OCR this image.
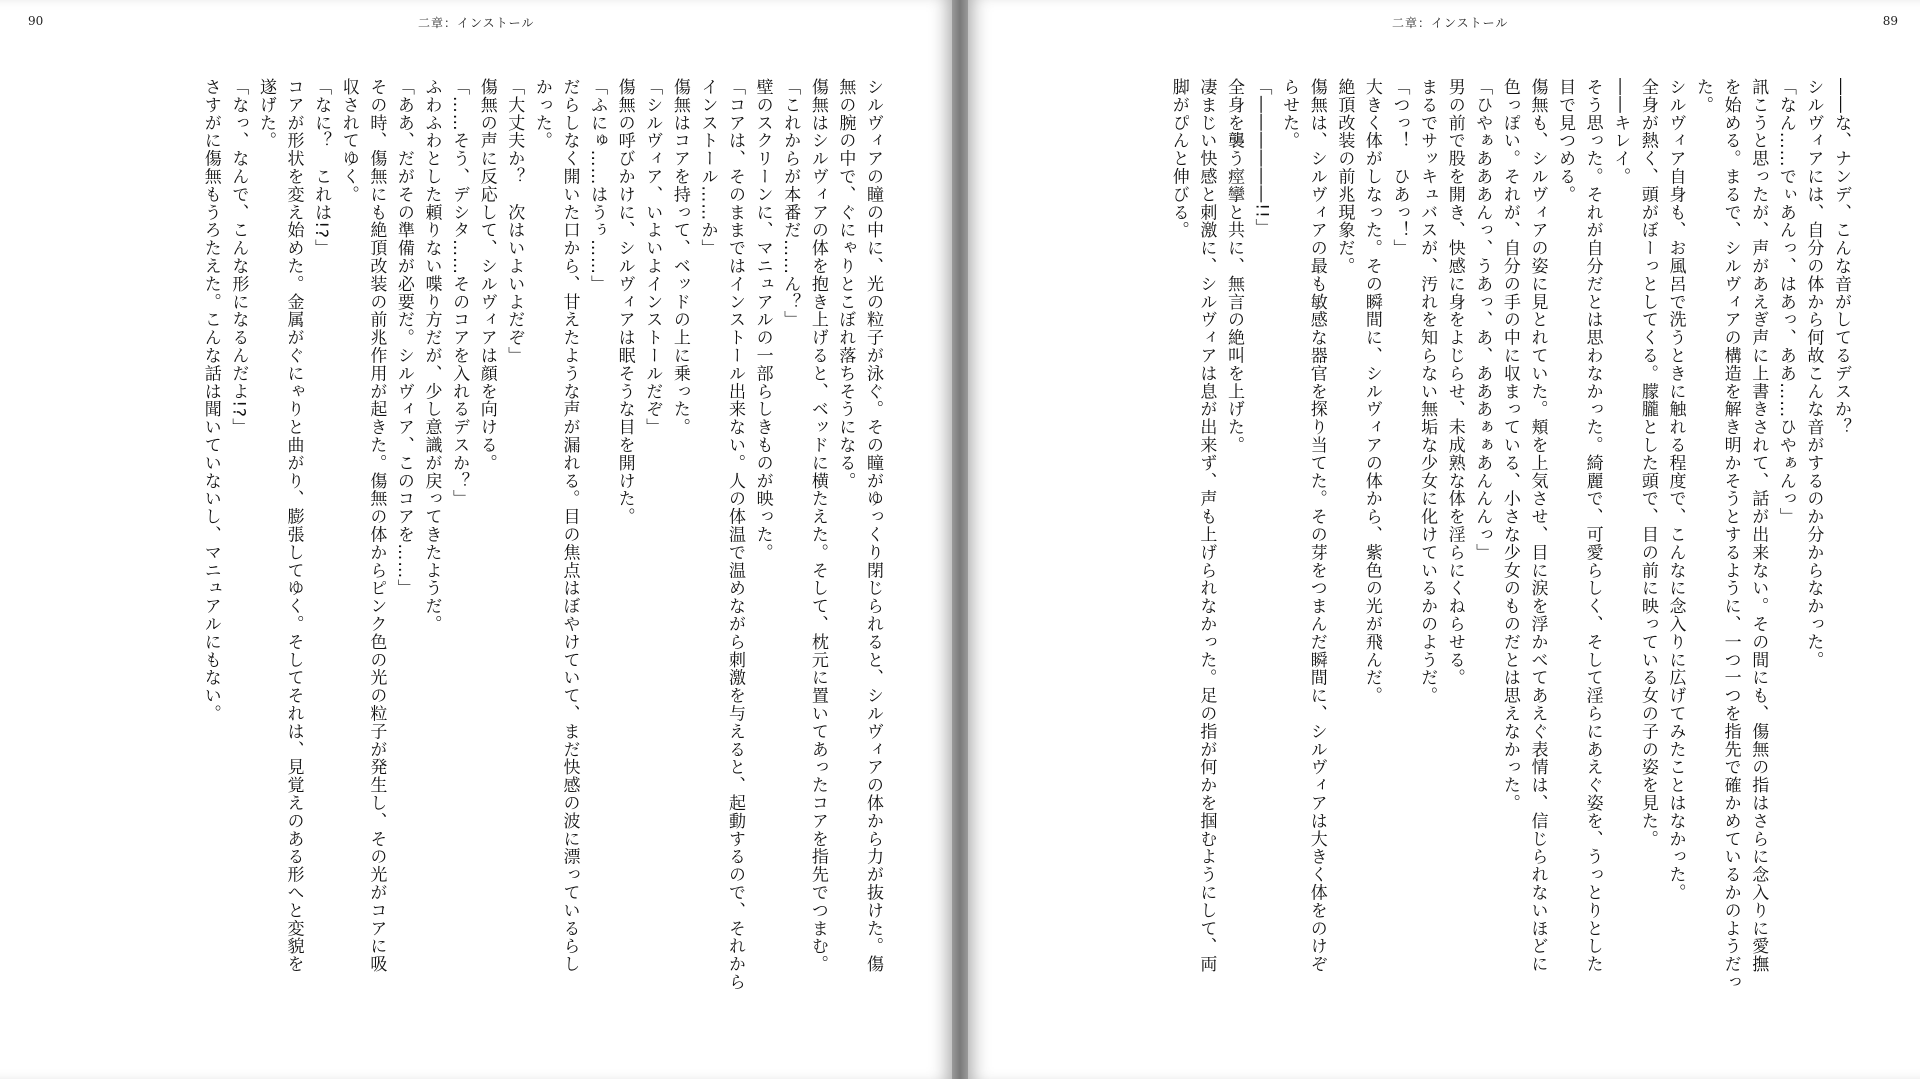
90	二章：インストール

シルヴィアの瞳の中に、光の粒子が泳ぐ。その瞳がゆっくり閉じられると、シルヴィアの体から力が抜けた。傷

無の腕の中で、ぐにゃりとこぼれ落ちそうになる。

傷無はシルヴィアの体を抱き上げると、ベッドに横たえた。そして、枕元に置いてあったコアを指先でつまむ。

「これからが本番だ……ん？」

壁のスクリーンに、マニュアルの一部らしきものが映った。

「コアは、そのままではインストール出来ない。人の体温で温めながら刺激を与えると、起動するので、それから

インストール……か」

傷無はコアを持って、ベッドの上に乗った。

「シルヴィア、いよいよインストールだぞ」

傷無の呼びかけに、シルヴィアは眠そうな目を開けた。

「ふにゅ……はうぅ……」

だらしなく開いた口から、甘えたような声が漏れる。目の焦点はぼやけていて、まだ快感の波に漂っているらし

かった。

「大丈夫か？　次はいよいよだぞ」

傷無の声に反応して、シルヴィアは顔を向ける。

「……そう、デシタ……そのコアを入れるデスか？」

ふわふわとした頼りない喋り方だが、少し意識が戻ってきたようだ。

「ああ、だがその準備が必要だ。シルヴィア、このコアを……」

その時、傷無にも絶頂改装の前兆作用が起きた。傷無の体からピンク色の光の粒子が発生し、その光がコアに吸

収されてゆく。

「なに？　これは!?」

コアが形状を変え始めた。金属がぐにゃりと曲がり、膨張してゆく。そしてそれは、見覚えのある形へと変貌を

遂げた。

「なっ、なんで、こんな形になるんだよ!?」

さすがに傷無もうろたえた。こんな話は聞いていないし、マニュアルにもない。

二章：インストール	89

――な、ナンデ、こんな音がしてるデスか？

シルヴィアには、自分の体から何故こんな音がするのか分からなかった。

「なん……でぃあんっ、はあっ、ああ……ひやぁんっ」

訊こうと思ったが、声があえぎ声に上書きされて、話が出来ない。その間にも、傷無の指はさらに念入りに愛撫

を始める。まるで、シルヴィアの構造を解き明かそうとするように、一つ一つを指先で確かめているかのようだっ

た。

シルヴィア自身も、お風呂で洗うときに触れる程度で、こんなに念入りに広げてみたことはなかった。

全身が熱く、頭がぼーっとしてくる。朦朧とした頭で、目の前に映っている女の子の姿を見た。

――キレイ。

そう思った。それが自分だとは思わなかった。綺麗で、可愛らしく、そして淫らにあえぐ姿を、うっとりとした

目で見つめる。

傷無も、シルヴィアの姿に見とれていた。頬を上気させ、目に涙を浮かべてあえぐ表情は、信じられないほどに

色っぽい。それが、自分の手の中に収まっている、小さな少女のものだとは思えなかった。

「ひやぁあああんっ、うあっ、あ、あああぁぁあんんんっ」

男の前で股を開き、快感に身をよじらせ、未成熟な体を淫らにくねらせる。

まるでサッキュバスが、汚れを知らない無垢な少女に化けているかのようだ。

「つっ！　ひあっ！」

大きく体がしなった。その瞬間に、シルヴィアの体から、紫色の光が飛んだ。

絶頂改装の前兆現象だ。

傷無は、シルヴィアの最も敏感な器官を探り当てた。その芽をつまんだ瞬間に、シルヴィアは大きく体をのけぞ

らせた。

「――――――!!」

全身を襲う痙攣と共に、無言の絶叫を上げた。

凄まじい快感と刺激に、シルヴィアは息が出来ず、声も上げられなかった。足の指が何かを掴むようにして、両

脚がぴんと伸びる。
